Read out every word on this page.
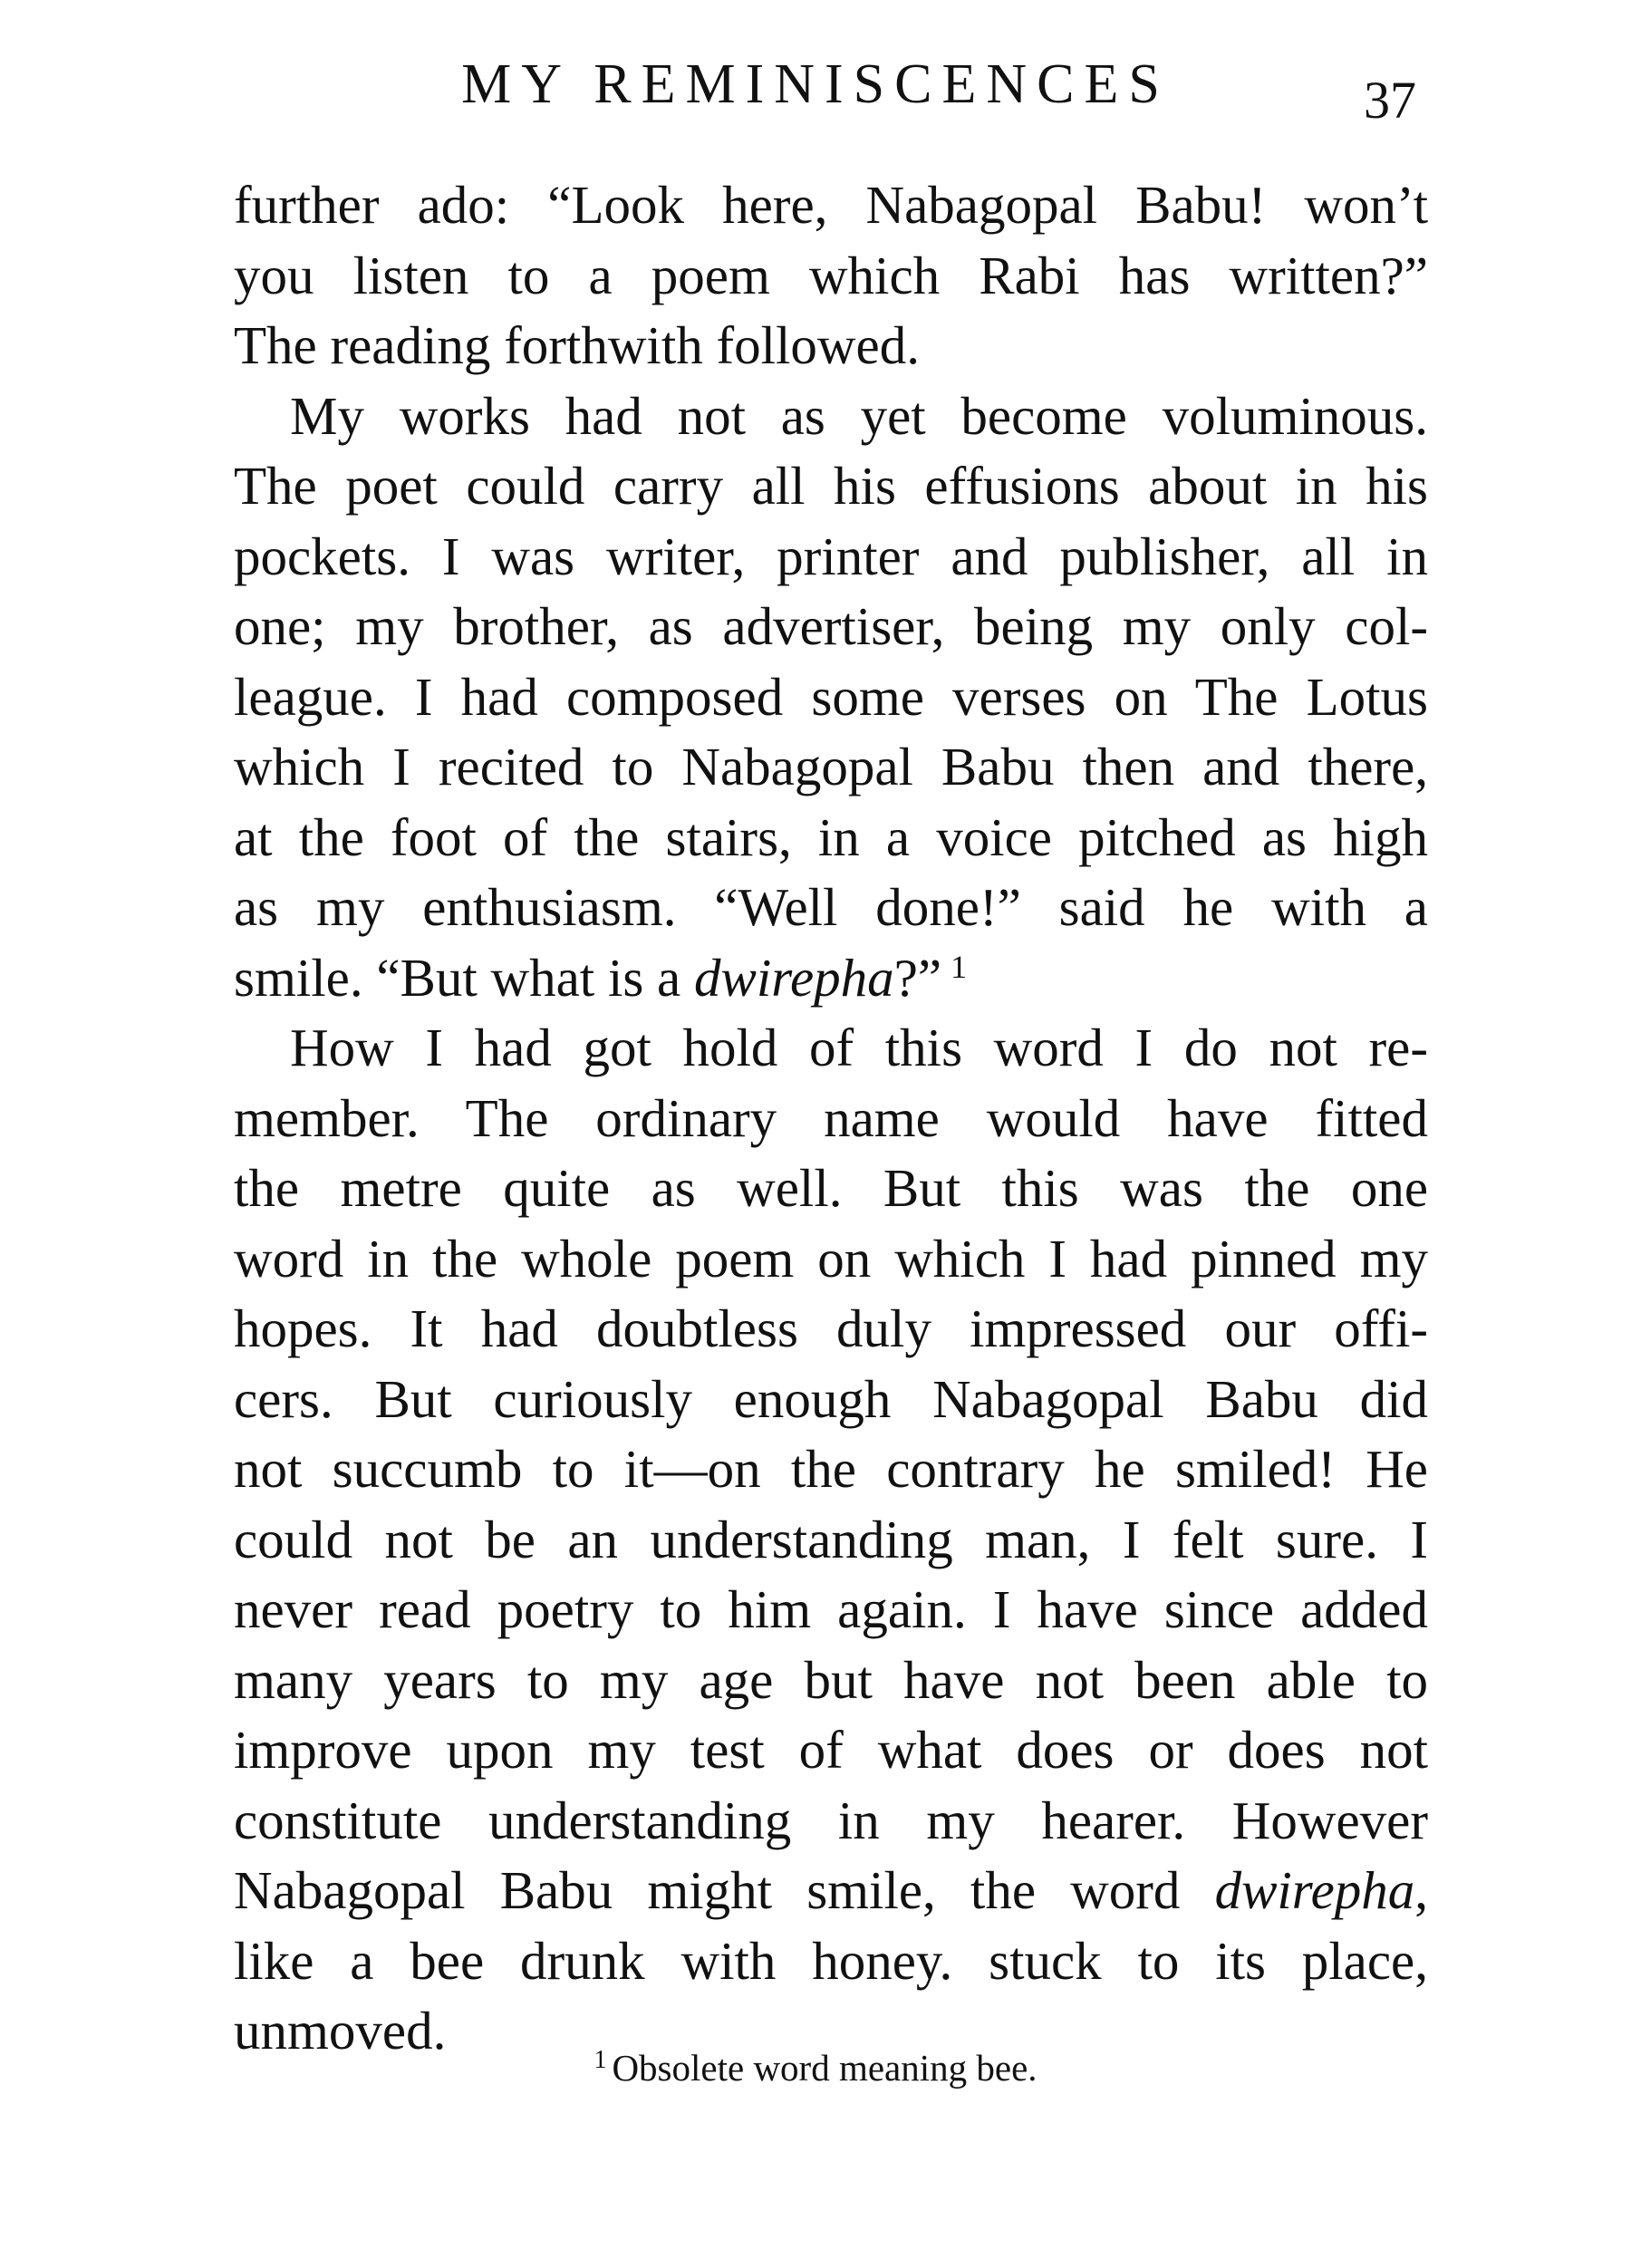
MY REMINISCENCES	37
further ado: “Look here, Nabagopal Babu! won’t
you listen to a poem which Rabi has written?”
The reading forthwith followed.
My works had not as yet become voluminous.
The poet could carry all his effusions about in his
pockets. I was writer, printer and publisher, all in
one; my brother, as advertiser, being my only col-
league. I had composed some verses on The Lotus
which I recited to Nabagopal Babu then and there,
at the foot of the stairs, in a voice pitched as high
as my enthusiasm. “Well done!” said he with a
smile. “But what is a dwirepha?” $^1$
How I had got hold of this word I do not re-
member. The ordinary name would have fitted
the metre quite as well. But this was the one
word in the whole poem on which I had pinned my
hopes. It had doubtless duly impressed our offi-
cers. But curiously enough Nabagopal Babu did
not succumb to it—on the contrary he smiled! He
could not be an understanding man, I felt sure. I
never read poetry to him again. I have since added
many years to my age but have not been able to
improve upon my test of what does or does not
constitute understanding in my hearer. However
Nabagopal Babu might smile, the word dwirepha,
like a bee drunk with honey. stuck to its place,
unmoved.	$^1$ Obsolete word meaning bee.
